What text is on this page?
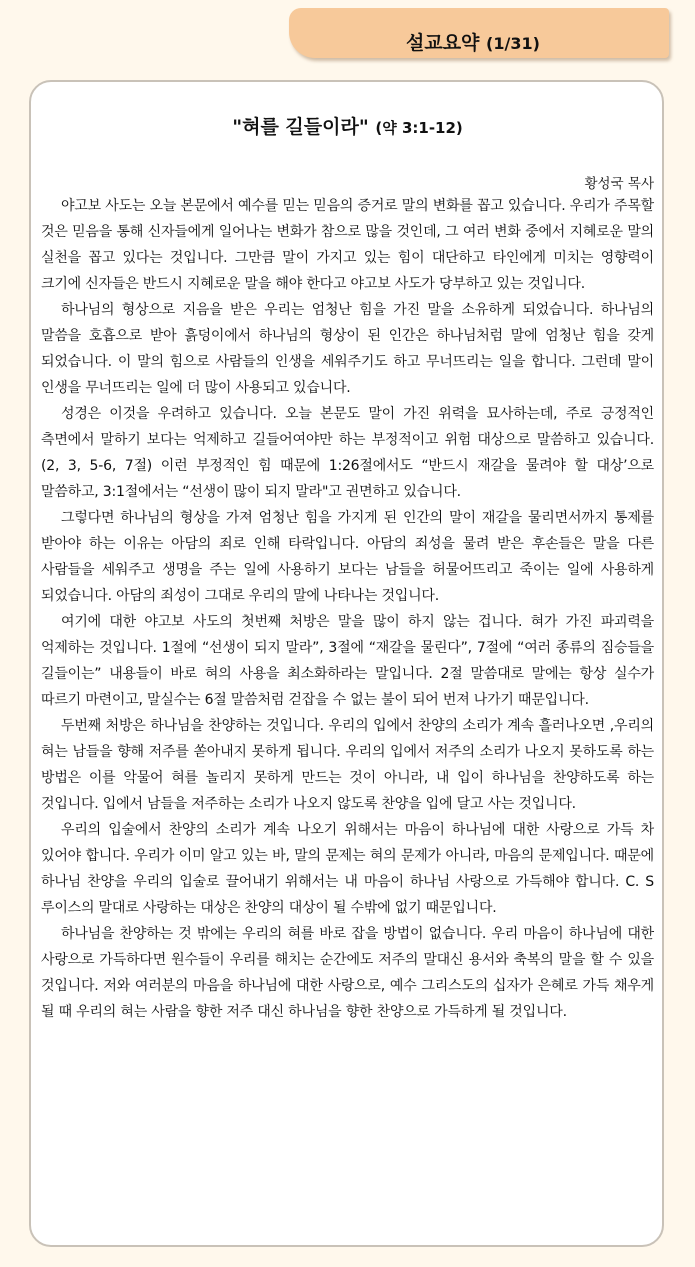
설교요약 (1/31)
"혀를 길들이라" (약 3:1-12)
황성국 목사

야고보 사도는 오늘 본문에서 예수를 믿는 믿음의 증거로 말의 변화를 꼽고 있습니다. 우리가 주목할 것은 믿음을 통해 신자들에게 일어나는 변화가 참으로 많을 것인데, 그 여러 변화 중에서 지혜로운 말의 실천을 꼽고 있다는 것입니다. 그만큼 말이 가지고 있는 힘이 대단하고 타인에게 미치는 영향력이 크기에 신자들은 반드시 지혜로운 말을 해야 한다고 야고보 사도가 당부하고 있는 것입니다.

하나님의 형상으로 지음을 받은 우리는 엄청난 힘을 가진 말을 소유하게 되었습니다. 하나님의 말씀을 호흡으로 받아 흙덩이에서 하나님의 형상이 된 인간은 하나님처럼 말에 엄청난 힘을 갖게 되었습니다. 이 말의 힘으로 사람들의 인생을 세워주기도 하고 무너뜨리는 일을 합니다. 그런데 말이 인생을 무너뜨리는 일에 더 많이 사용되고 있습니다.

성경은 이것을 우려하고 있습니다. 오늘 본문도 말이 가진 위력을 묘사하는데, 주로 긍정적인 측면에서 말하기 보다는 억제하고 길들어여야만 하는 부정적이고 위험 대상으로 말씀하고 있습니다. (2, 3, 5-6, 7절) 이런 부정적인 힘 때문에 1:26절에서도 “반드시 재갈을 물려야 할 대상’으로 말씀하고, 3:1절에서는 “선생이 많이 되지 말라"고 권면하고 있습니다.

그렇다면 하나님의 형상을 가져 엄청난 힘을 가지게 된 인간의 말이 재갈을 물리면서까지 통제를 받아야 하는 이유는 아담의 죄로 인해 타락입니다. 아담의 죄성을 물려 받은 후손들은 말을 다른 사람들을 세워주고 생명을 주는 일에 사용하기 보다는 남들을 허물어뜨리고 죽이는 일에 사용하게 되었습니다. 아담의 죄성이 그대로 우리의 말에 나타나는 것입니다.

여기에 대한 야고보 사도의 첫번째 처방은 말을 많이 하지 않는 겁니다. 혀가 가진 파괴력을 억제하는 것입니다. 1절에 “선생이 되지 말라”, 3절에 “재갈을 물린다”, 7절에 “여러 종류의 짐승들을 길들이는” 내용들이 바로 혀의 사용을 최소화하라는 말입니다. 2절 말씀대로 말에는 항상 실수가 따르기 마련이고, 말실수는 6절 말씀처럼 걷잡을 수 없는 불이 되어 번져 나가기 때문입니다.

두번째 처방은 하나님을 찬양하는 것입니다. 우리의 입에서 찬양의 소리가 계속 흘러나오면 ,우리의 혀는 남들을 향해 저주를 쏟아내지 못하게 됩니다. 우리의 입에서 저주의 소리가 나오지 못하도록 하는 방법은 이를 악물어 혀를 놀리지 못하게 만드는 것이 아니라, 내 입이 하나님을 찬양하도록 하는 것입니다. 입에서 남들을 저주하는 소리가 나오지 않도록 찬양을 입에 달고 사는 것입니다.

우리의 입술에서 찬양의 소리가 계속 나오기 위해서는 마음이 하나님에 대한 사랑으로 가득 차 있어야 합니다. 우리가 이미 알고 있는 바, 말의 문제는 혀의 문제가 아니라, 마음의 문제입니다. 때문에 하나님 찬양을 우리의 입술로 끌어내기 위해서는 내 마음이 하나님 사랑으로 가득해야 합니다. C. S 루이스의 말대로 사랑하는 대상은 찬양의 대상이 될 수밖에 없기 때문입니다.

하나님을 찬양하는 것 밖에는 우리의 혀를 바로 잡을 방법이 없습니다. 우리 마음이 하나님에 대한 사랑으로 가득하다면 원수들이 우리를 해치는 순간에도 저주의 말대신 용서와 축복의 말을 할 수 있을 것입니다. 저와 여러분의 마음을 하나님에 대한 사랑으로, 예수 그리스도의 십자가 은혜로 가득 채우게 될 때 우리의 혀는 사람을 향한 저주 대신 하나님을 향한 찬양으로 가득하게 될 것입니다.
